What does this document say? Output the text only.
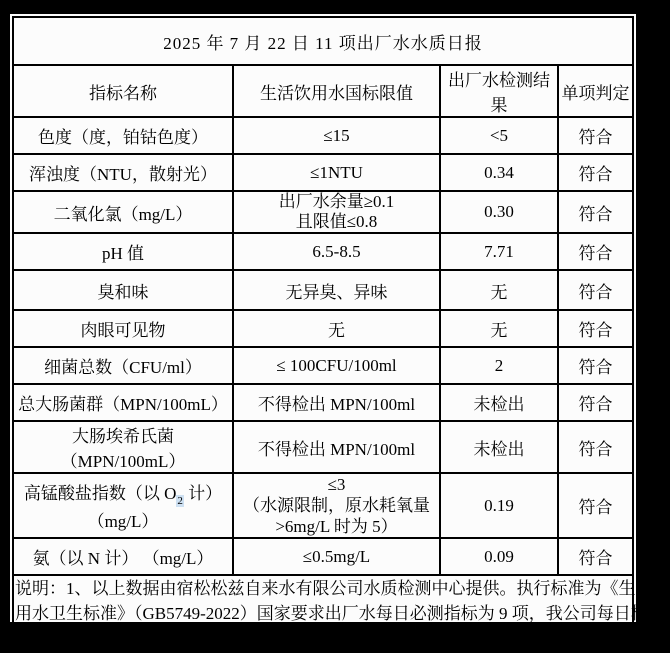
2025 年 7 月 22 日 11 项出厂水水质日报			
指标名称	生活饮用水国标限值	出厂水检测结果	单项判定
色度（度，铂钴色度）	≤15	<5	符合
浑浊度（NTU，散射光）	≤1NTU	0.34	符合
二氧化氯（mg/L）	出厂水余量≥0.1
且限值≤0.8	0.30	符合
pH 值	6.5-8.5	7.71	符合
臭和味	无异臭、异味	无	符合
肉眼可见物	无	无	符合
细菌总数（CFU/ml）	≤ 100CFU/100ml	2	符合
总大肠菌群（MPN/100mL）	不得检出 MPN/100ml	未检出	符合
大肠埃希氏菌（MPN/100mL）	不得检出 MPN/100ml	未检出	符合
高锰酸盐指数（以 $O_2$ 计）（mg/L）	≤3
（水源限制，原水耗氧量
>6mg/L 时为 5）	0.19	符合
氨（以 N 计） （mg/L）	≤0.5mg/L	0.09	符合

说明：1、以上数据由宿松松兹自来水有限公司水质检测中心提供。执行标准为《生活饮
用水卫生标准》（GB5749-2022）国家要求出厂水每日必测指标为 9 项，我公司每日检测
11 项。2、我公司实行在线、班组、中心化验室三级水质检测制度。			
